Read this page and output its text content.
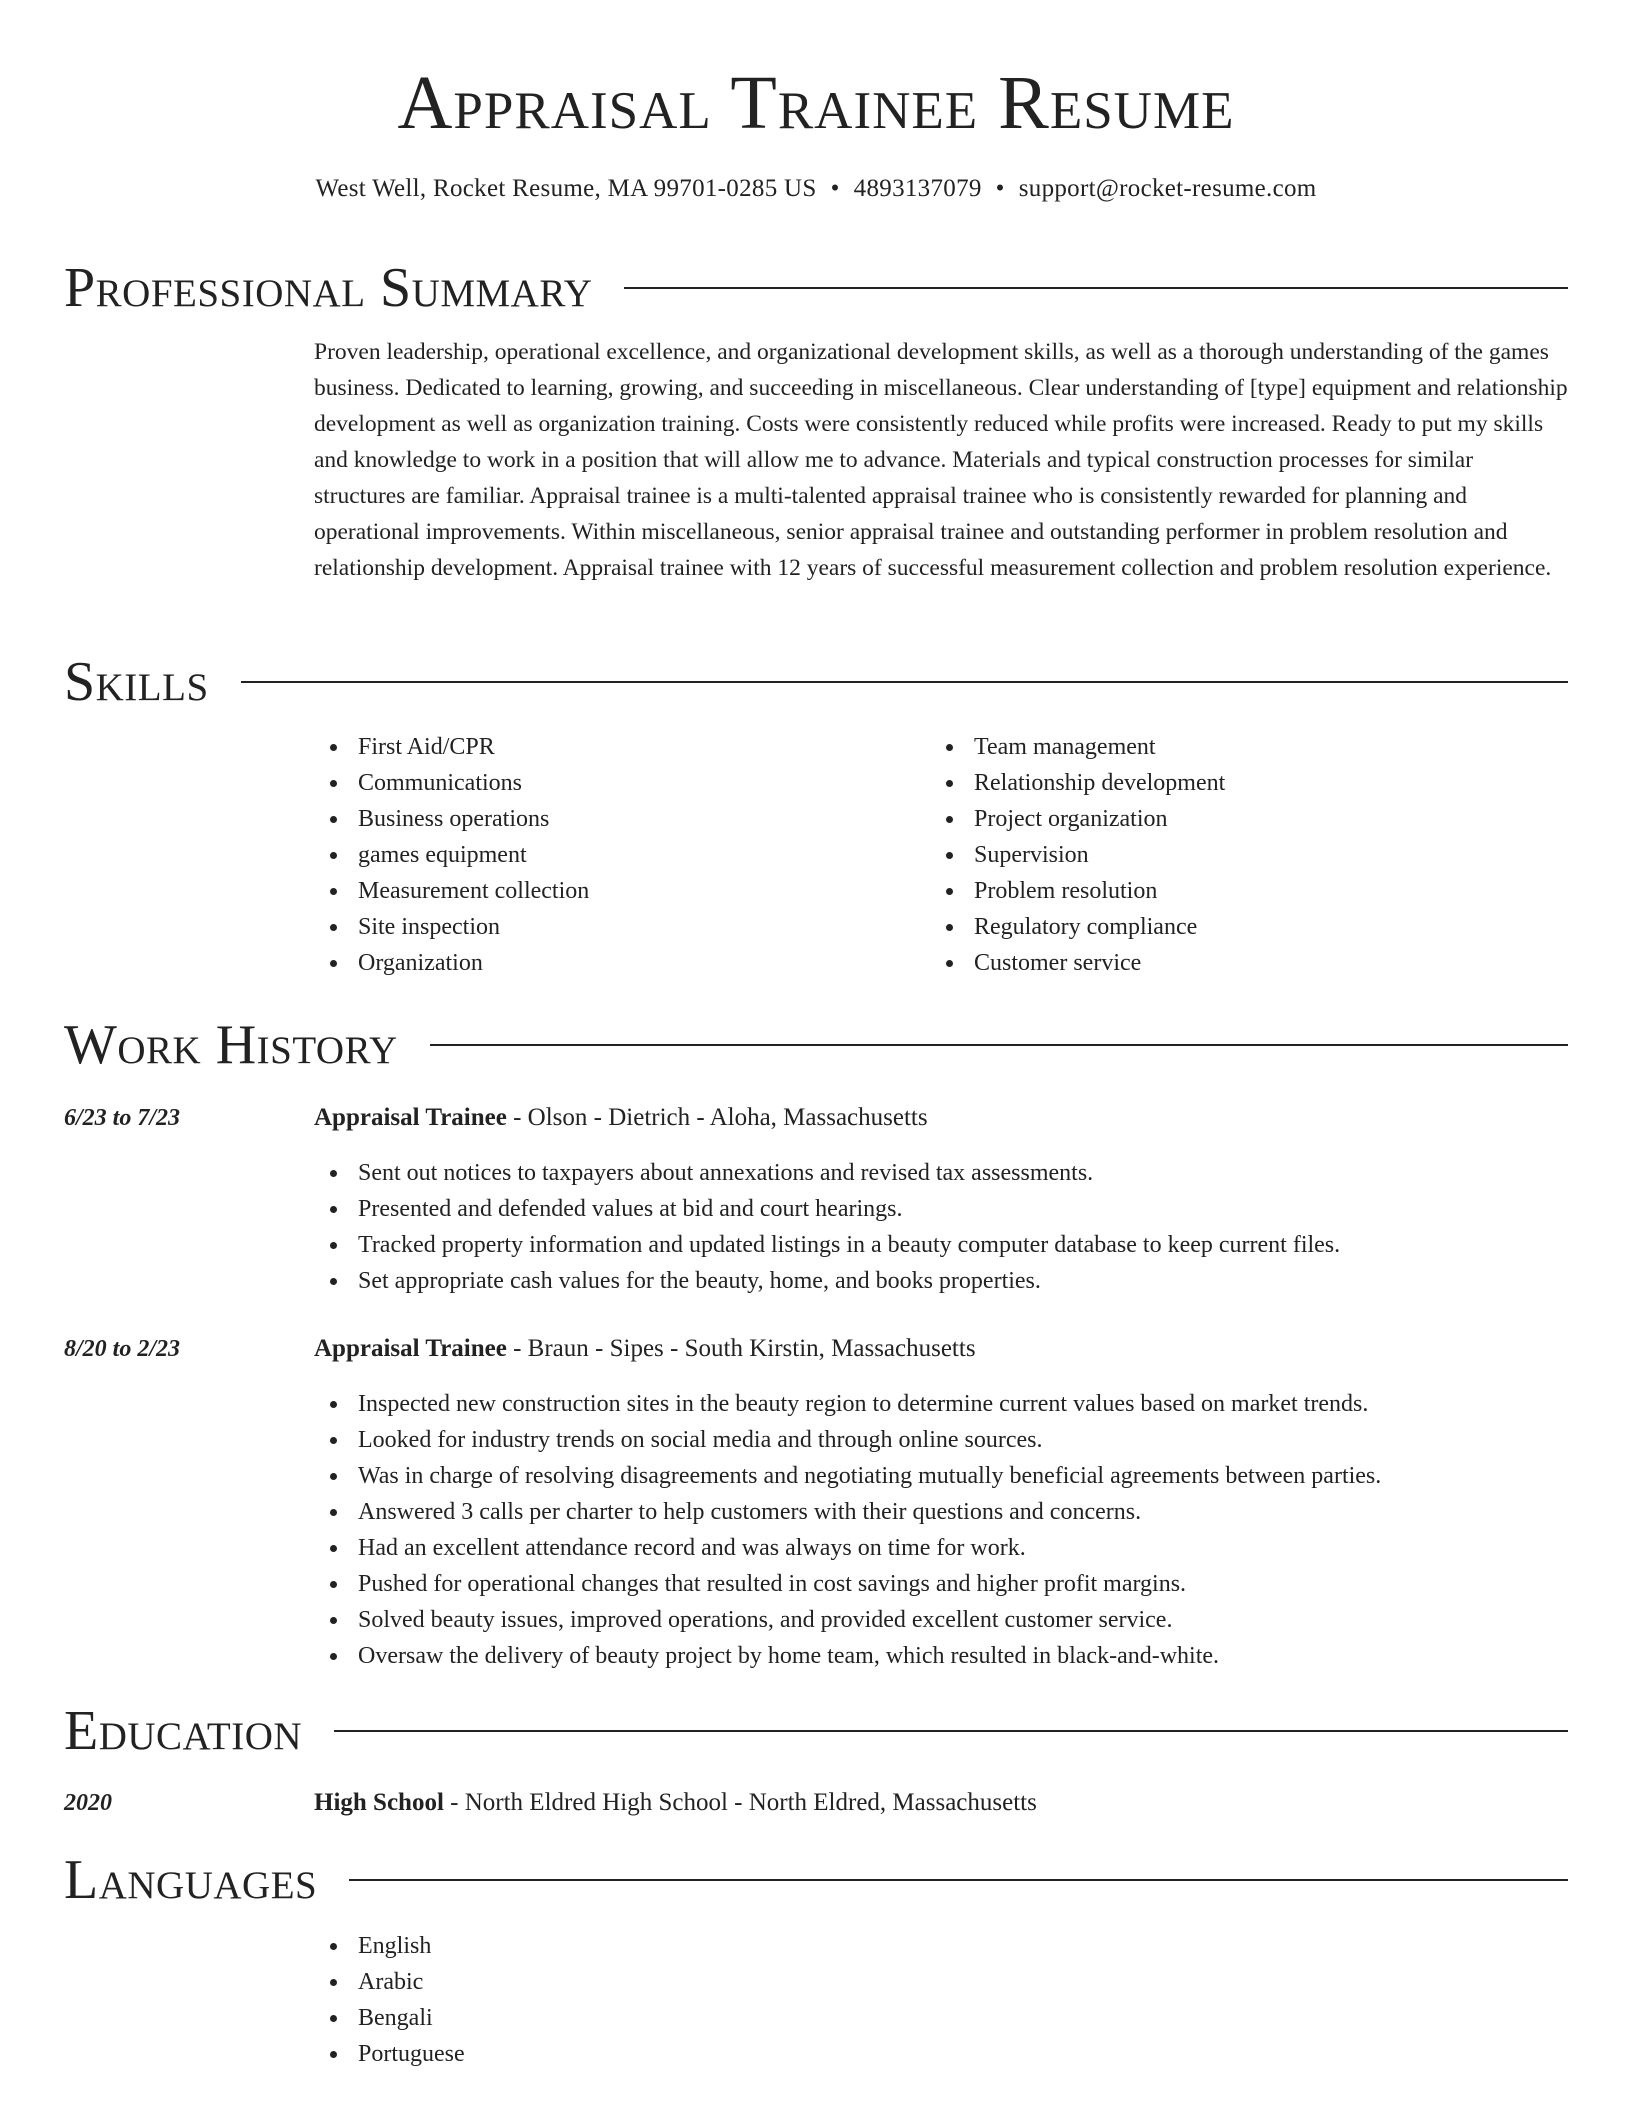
Appraisal Trainee Resume
West Well, Rocket Resume, MA 99701-0285 US • 4893137079 • support@rocket-resume.com
Professional Summary

Proven leadership, operational excellence, and organizational development skills, as well as a thorough understanding of the games business. Dedicated to learning, growing, and succeeding in miscellaneous. Clear understanding of [type] equipment and relationship development as well as organization training. Costs were consistently reduced while profits were increased. Ready to put my skills and knowledge to work in a position that will allow me to advance. Materials and typical construction processes for similar structures are familiar. Appraisal trainee is a multi-talented appraisal trainee who is consistently rewarded for planning and operational improvements. Within miscellaneous, senior appraisal trainee and outstanding performer in problem resolution and relationship development. Appraisal trainee with 12 years of successful measurement collection and problem resolution experience.

Skills
First Aid/CPR
Communications
Business operations
games equipment
Measurement collection
Site inspection
Organization
Team management
Relationship development
Project organization
Supervision
Problem resolution
Regulatory compliance
Customer service
Work History
6/23 to 7/23	Appraisal Trainee - Olson - Dietrich - Aloha, Massachusetts
Sent out notices to taxpayers about annexations and revised tax assessments.
Presented and defended values at bid and court hearings.
Tracked property information and updated listings in a beauty computer database to keep current files.
Set appropriate cash values for the beauty, home, and books properties.
8/20 to 2/23	Appraisal Trainee - Braun - Sipes - South Kirstin, Massachusetts
Inspected new construction sites in the beauty region to determine current values based on market trends.
Looked for industry trends on social media and through online sources.
Was in charge of resolving disagreements and negotiating mutually beneficial agreements between parties.
Answered 3 calls per charter to help customers with their questions and concerns.
Had an excellent attendance record and was always on time for work.
Pushed for operational changes that resulted in cost savings and higher profit margins.
Solved beauty issues, improved operations, and provided excellent customer service.
Oversaw the delivery of beauty project by home team, which resulted in black-and-white.
Education
2020	High School - North Eldred High School - North Eldred, Massachusetts
Languages
English
Arabic
Bengali
Portuguese
